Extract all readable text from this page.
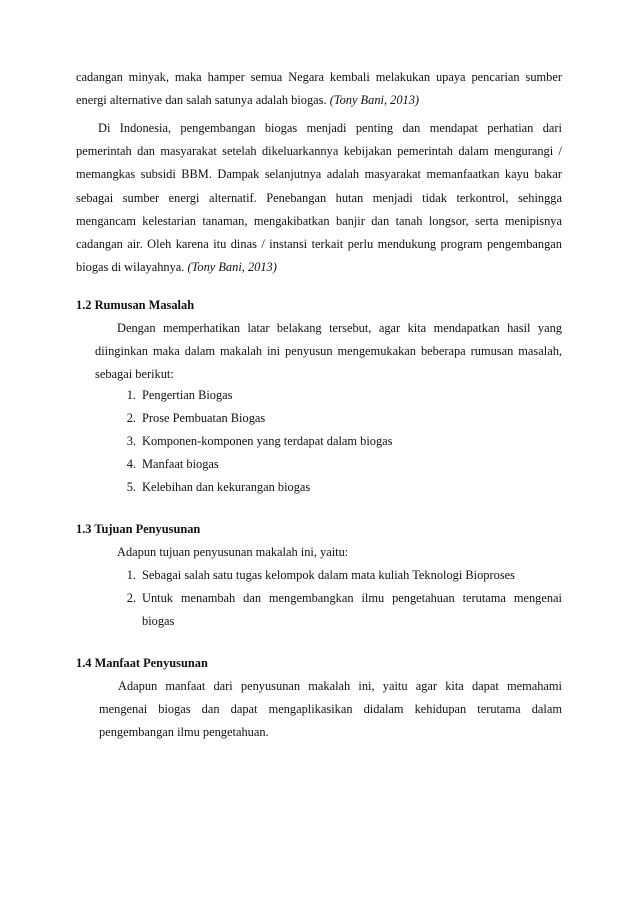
cadangan minyak, maka hamper semua Negara kembali melakukan upaya pencarian sumber energi alternative dan salah satunya adalah biogas. (Tony Bani, 2013)
Di Indonesia, pengembangan biogas menjadi penting dan mendapat perhatian dari pemerintah dan masyarakat setelah dikeluarkannya kebijakan pemerintah dalam mengurangi / memangkas subsidi BBM. Dampak selanjutnya adalah masyarakat memanfaatkan kayu bakar sebagai sumber energi alternatif. Penebangan hutan menjadi tidak terkontrol, sehingga mengancam kelestarian tanaman, mengakibatkan banjir dan tanah longsor, serta menipisnya cadangan air. Oleh karena itu dinas / instansi terkait perlu mendukung program pengembangan biogas di wilayahnya. (Tony Bani, 2013)
1.2 Rumusan Masalah
Dengan memperhatikan latar belakang tersebut, agar kita mendapatkan hasil yang diinginkan maka dalam makalah ini penyusun mengemukakan beberapa rumusan masalah, sebagai berikut:
1. Pengertian Biogas
2. Prose Pembuatan Biogas
3. Komponen-komponen yang terdapat dalam biogas
4. Manfaat biogas
5. Kelebihan dan kekurangan biogas
1.3 Tujuan Penyusunan
Adapun tujuan penyusunan makalah ini, yaitu:
1. Sebagai salah satu tugas kelompok dalam mata kuliah Teknologi Bioproses
2. Untuk menambah dan mengembangkan ilmu pengetahuan terutama mengenai biogas
1.4 Manfaat Penyusunan
Adapun manfaat dari penyusunan makalah ini, yaitu agar kita dapat memahami mengenai biogas dan dapat mengaplikasikan didalam kehidupan terutama dalam pengembangan ilmu pengetahuan.
